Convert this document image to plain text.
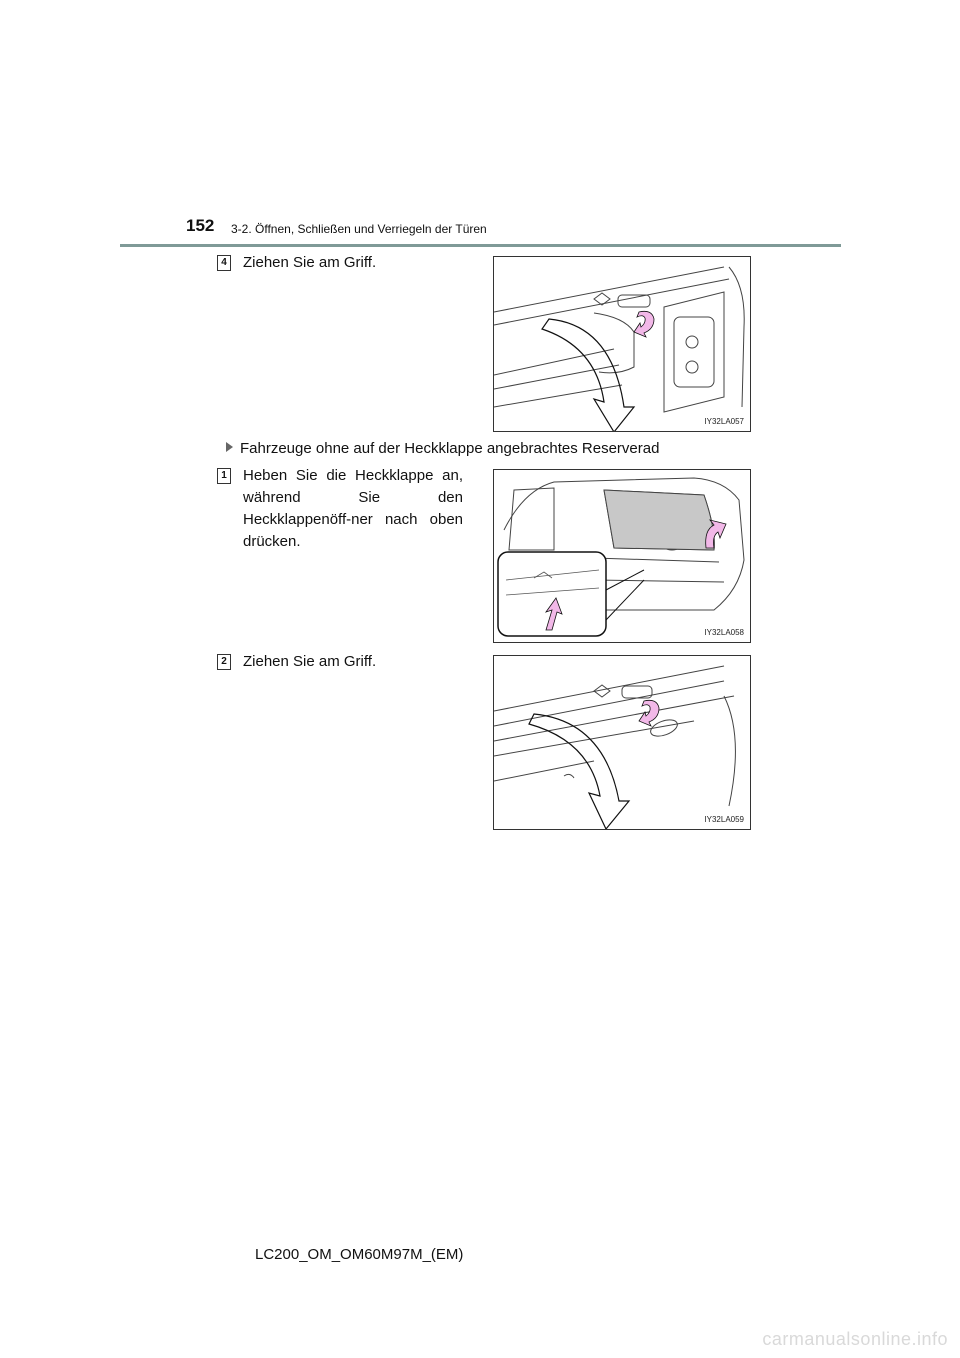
152 3-2. Öffnen, Schließen und Verriegeln der Türen
4 Ziehen Sie am Griff.
IY32LA057
Fahrzeuge ohne auf der Heckklappe angebrachtes Reserverad
1 Heben Sie die Heckklappe an, während Sie den Heckklappenöff-ner nach oben drücken.
IY32LA058
2 Ziehen Sie am Griff.
IY32LA059
LC200_OM_OM60M97M_(EM)
carmanualsonline.info
